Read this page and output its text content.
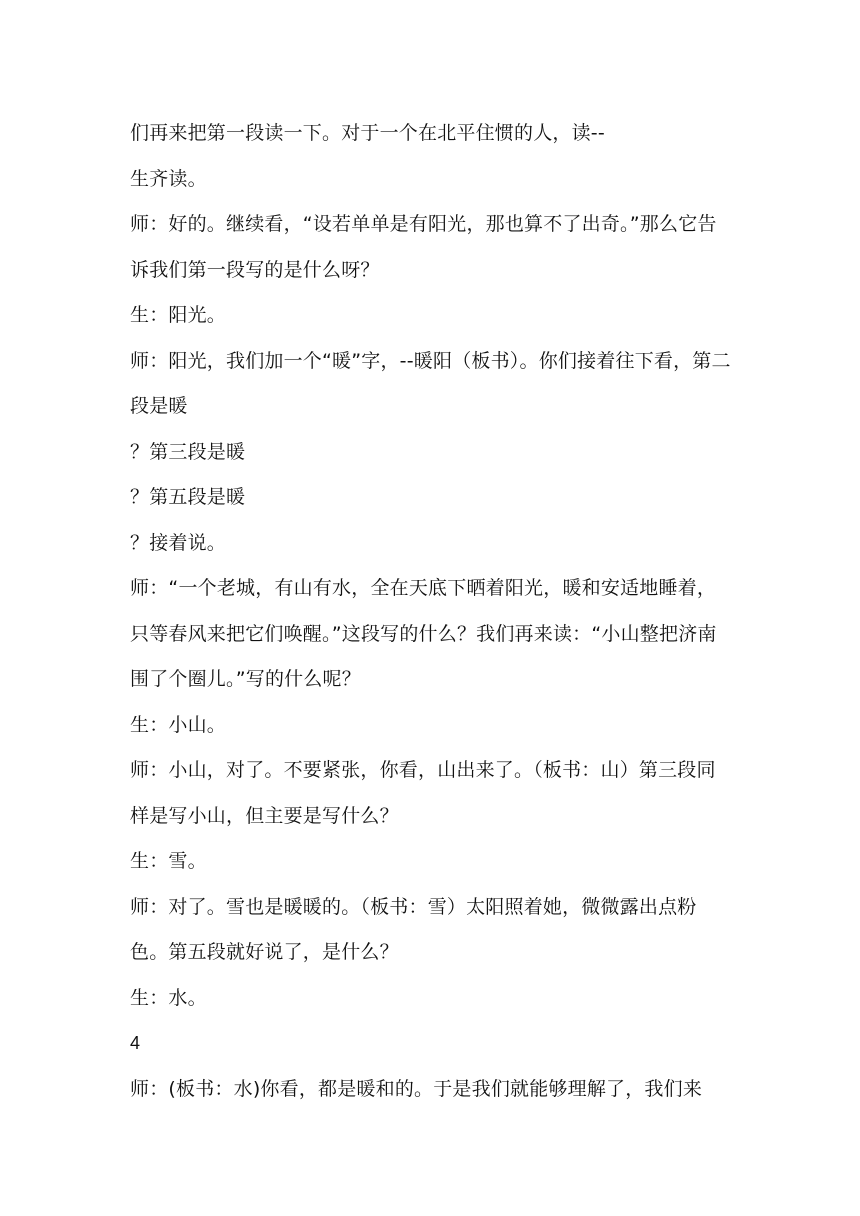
们再来把第一段读一下。对于一个在北平住惯的人，读--

生齐读。

师：好的。继续看，“设若单单是有阳光，那也算不了出奇。”那么它告诉我们第一段写的是什么呀？

生：阳光。

师：阳光，我们加一个“暖”字，--暖阳（板书）。你们接着往下看，第二段是暖

？第三段是暖

？第五段是暖

？接着说。

师：“一个老城，有山有水，全在天底下晒着阳光，暖和安适地睡着，只等春风来把它们唤醒。”这段写的什么？我们再来读：“小山整把济南围了个圈儿。”写的什么呢？

生：小山。

师：小山，对了。不要紧张，你看，山出来了。（板书：山）第三段同样是写小山，但主要是写什么？

生：雪。

师：对了。雪也是暖暖的。（板书：雪）太阳照着她，微微露出点粉色。第五段就好说了，是什么？

生：水。

4

师：(板书：水)你看，都是暖和的。于是我们就能够理解了，我们来
